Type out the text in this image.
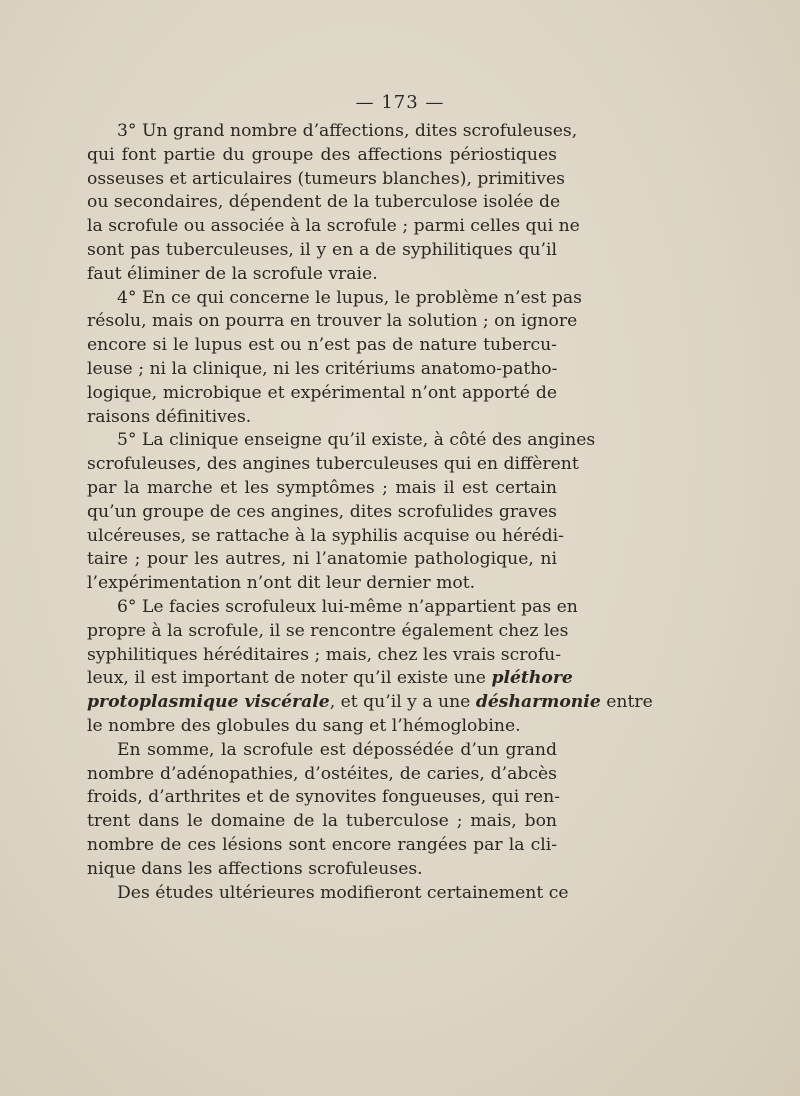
— 173 —
3° Un grand nombre d’affections, dites scrofuleuses,
qui font partie du groupe des affections périostiques
osseuses et articulaires (tumeurs blanches), primitives
ou secondaires, dépendent de la tuberculose isolée de
la scrofule ou associée à la scrofule ; parmi celles qui ne
sont pas tuberculeuses, il y en a de syphilitiques qu’il
faut éliminer de la scrofule vraie.
4° En ce qui concerne le lupus, le problème n’est pas
résolu, mais on pourra en trouver la solution ; on ignore
encore si le lupus est ou n’est pas de nature tubercu-
leuse ; ni la clinique, ni les critériums anatomo-patho-
logique, microbique et expérimental n’ont apporté de
raisons définitives.
5° La clinique enseigne qu’il existe, à côté des angines
scrofuleuses, des angines tuberculeuses qui en diffèrent
par la marche et les symptômes ; mais il est certain
qu’un groupe de ces angines, dites scrofulides graves
ulcéreuses, se rattache à la syphilis acquise ou hérédi-
taire ; pour les autres, ni l’anatomie pathologique, ni
l’expérimentation n’ont dit leur dernier mot.
6° Le facies scrofuleux lui-même n’appartient pas en
propre à la scrofule, il se rencontre également chez les
syphilitiques héréditaires ; mais, chez les vrais scrofu-
leux, il est important de noter qu’il existe une pléthore
protoplasmique viscérale, et qu’il y a une désharmonie entre
le nombre des globules du sang et l’hémoglobine.
En somme, la scrofule est dépossédée d’un grand
nombre d’adénopathies, d’ostéites, de caries, d’abcès
froids, d’arthrites et de synovites fongueuses, qui ren-
trent dans le domaine de la tuberculose ; mais, bon
nombre de ces lésions sont encore rangées par la cli-
nique dans les affections scrofuleuses.
Des études ultérieures modifieront certainement ce
